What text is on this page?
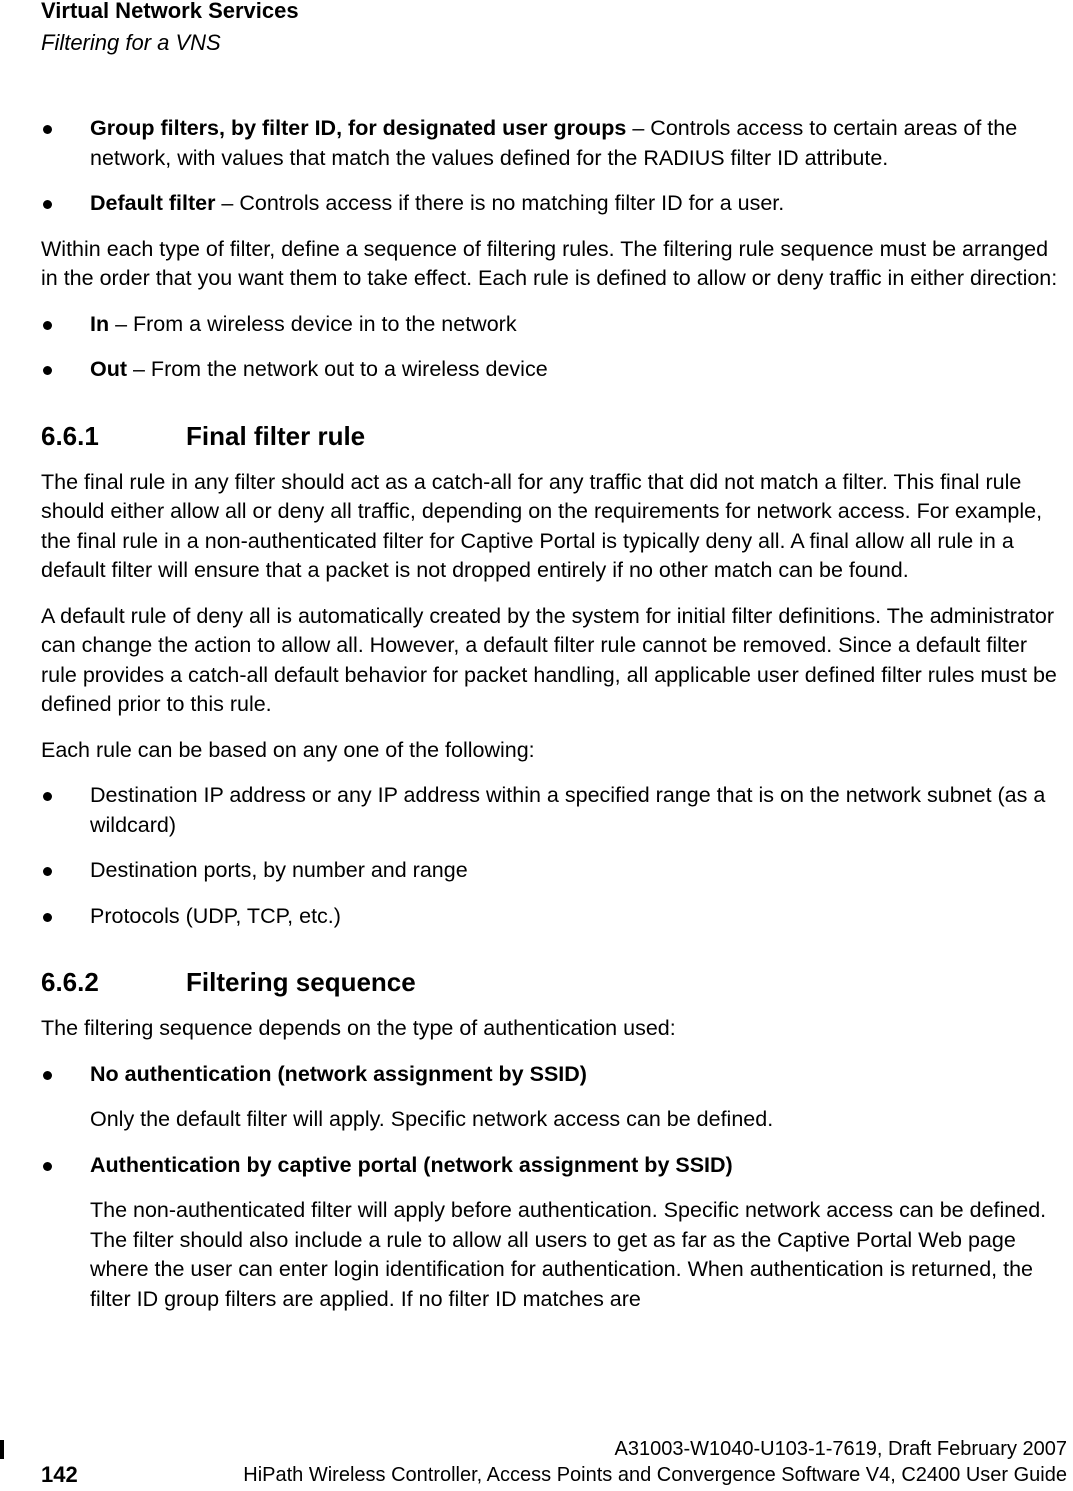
Virtual Network Services
Filtering for a VNS

Group filters, by filter ID, for designated user groups – Controls access to certain areas of the network, with values that match the values defined for the RADIUS filter ID attribute.

Default filter – Controls access if there is no matching filter ID for a user.

Within each type of filter, define a sequence of filtering rules. The filtering rule sequence must be arranged in the order that you want them to take effect. Each rule is defined to allow or deny traffic in either direction:

In – From a wireless device in to the network

Out – From the network out to a wireless device

6.6.1	Final filter rule

The final rule in any filter should act as a catch-all for any traffic that did not match a filter. This final rule should either allow all or deny all traffic, depending on the requirements for network access. For example, the final rule in a non-authenticated filter for Captive Portal is typically deny all. A final allow all rule in a default filter will ensure that a packet is not dropped entirely if no other match can be found.

A default rule of deny all is automatically created by the system for initial filter definitions. The administrator can change the action to allow all. However, a default filter rule cannot be removed. Since a default filter rule provides a catch-all default behavior for packet handling, all applicable user defined filter rules must be defined prior to this rule.

Each rule can be based on any one of the following:

Destination IP address or any IP address within a specified range that is on the network subnet (as a wildcard)

Destination ports, by number and range

Protocols (UDP, TCP, etc.)

6.6.2	Filtering sequence

The filtering sequence depends on the type of authentication used:

No authentication (network assignment by SSID)

Only the default filter will apply. Specific network access can be defined.

Authentication by captive portal (network assignment by SSID)

The non-authenticated filter will apply before authentication. Specific network access can be defined. The filter should also include a rule to allow all users to get as far as the Captive Portal Web page where the user can enter login identification for authentication. When authentication is returned, the filter ID group filters are applied. If no filter ID matches are

142
A31003-W1040-U103-1-7619, Draft February 2007
HiPath Wireless Controller, Access Points and Convergence Software V4, C2400 User Guide
